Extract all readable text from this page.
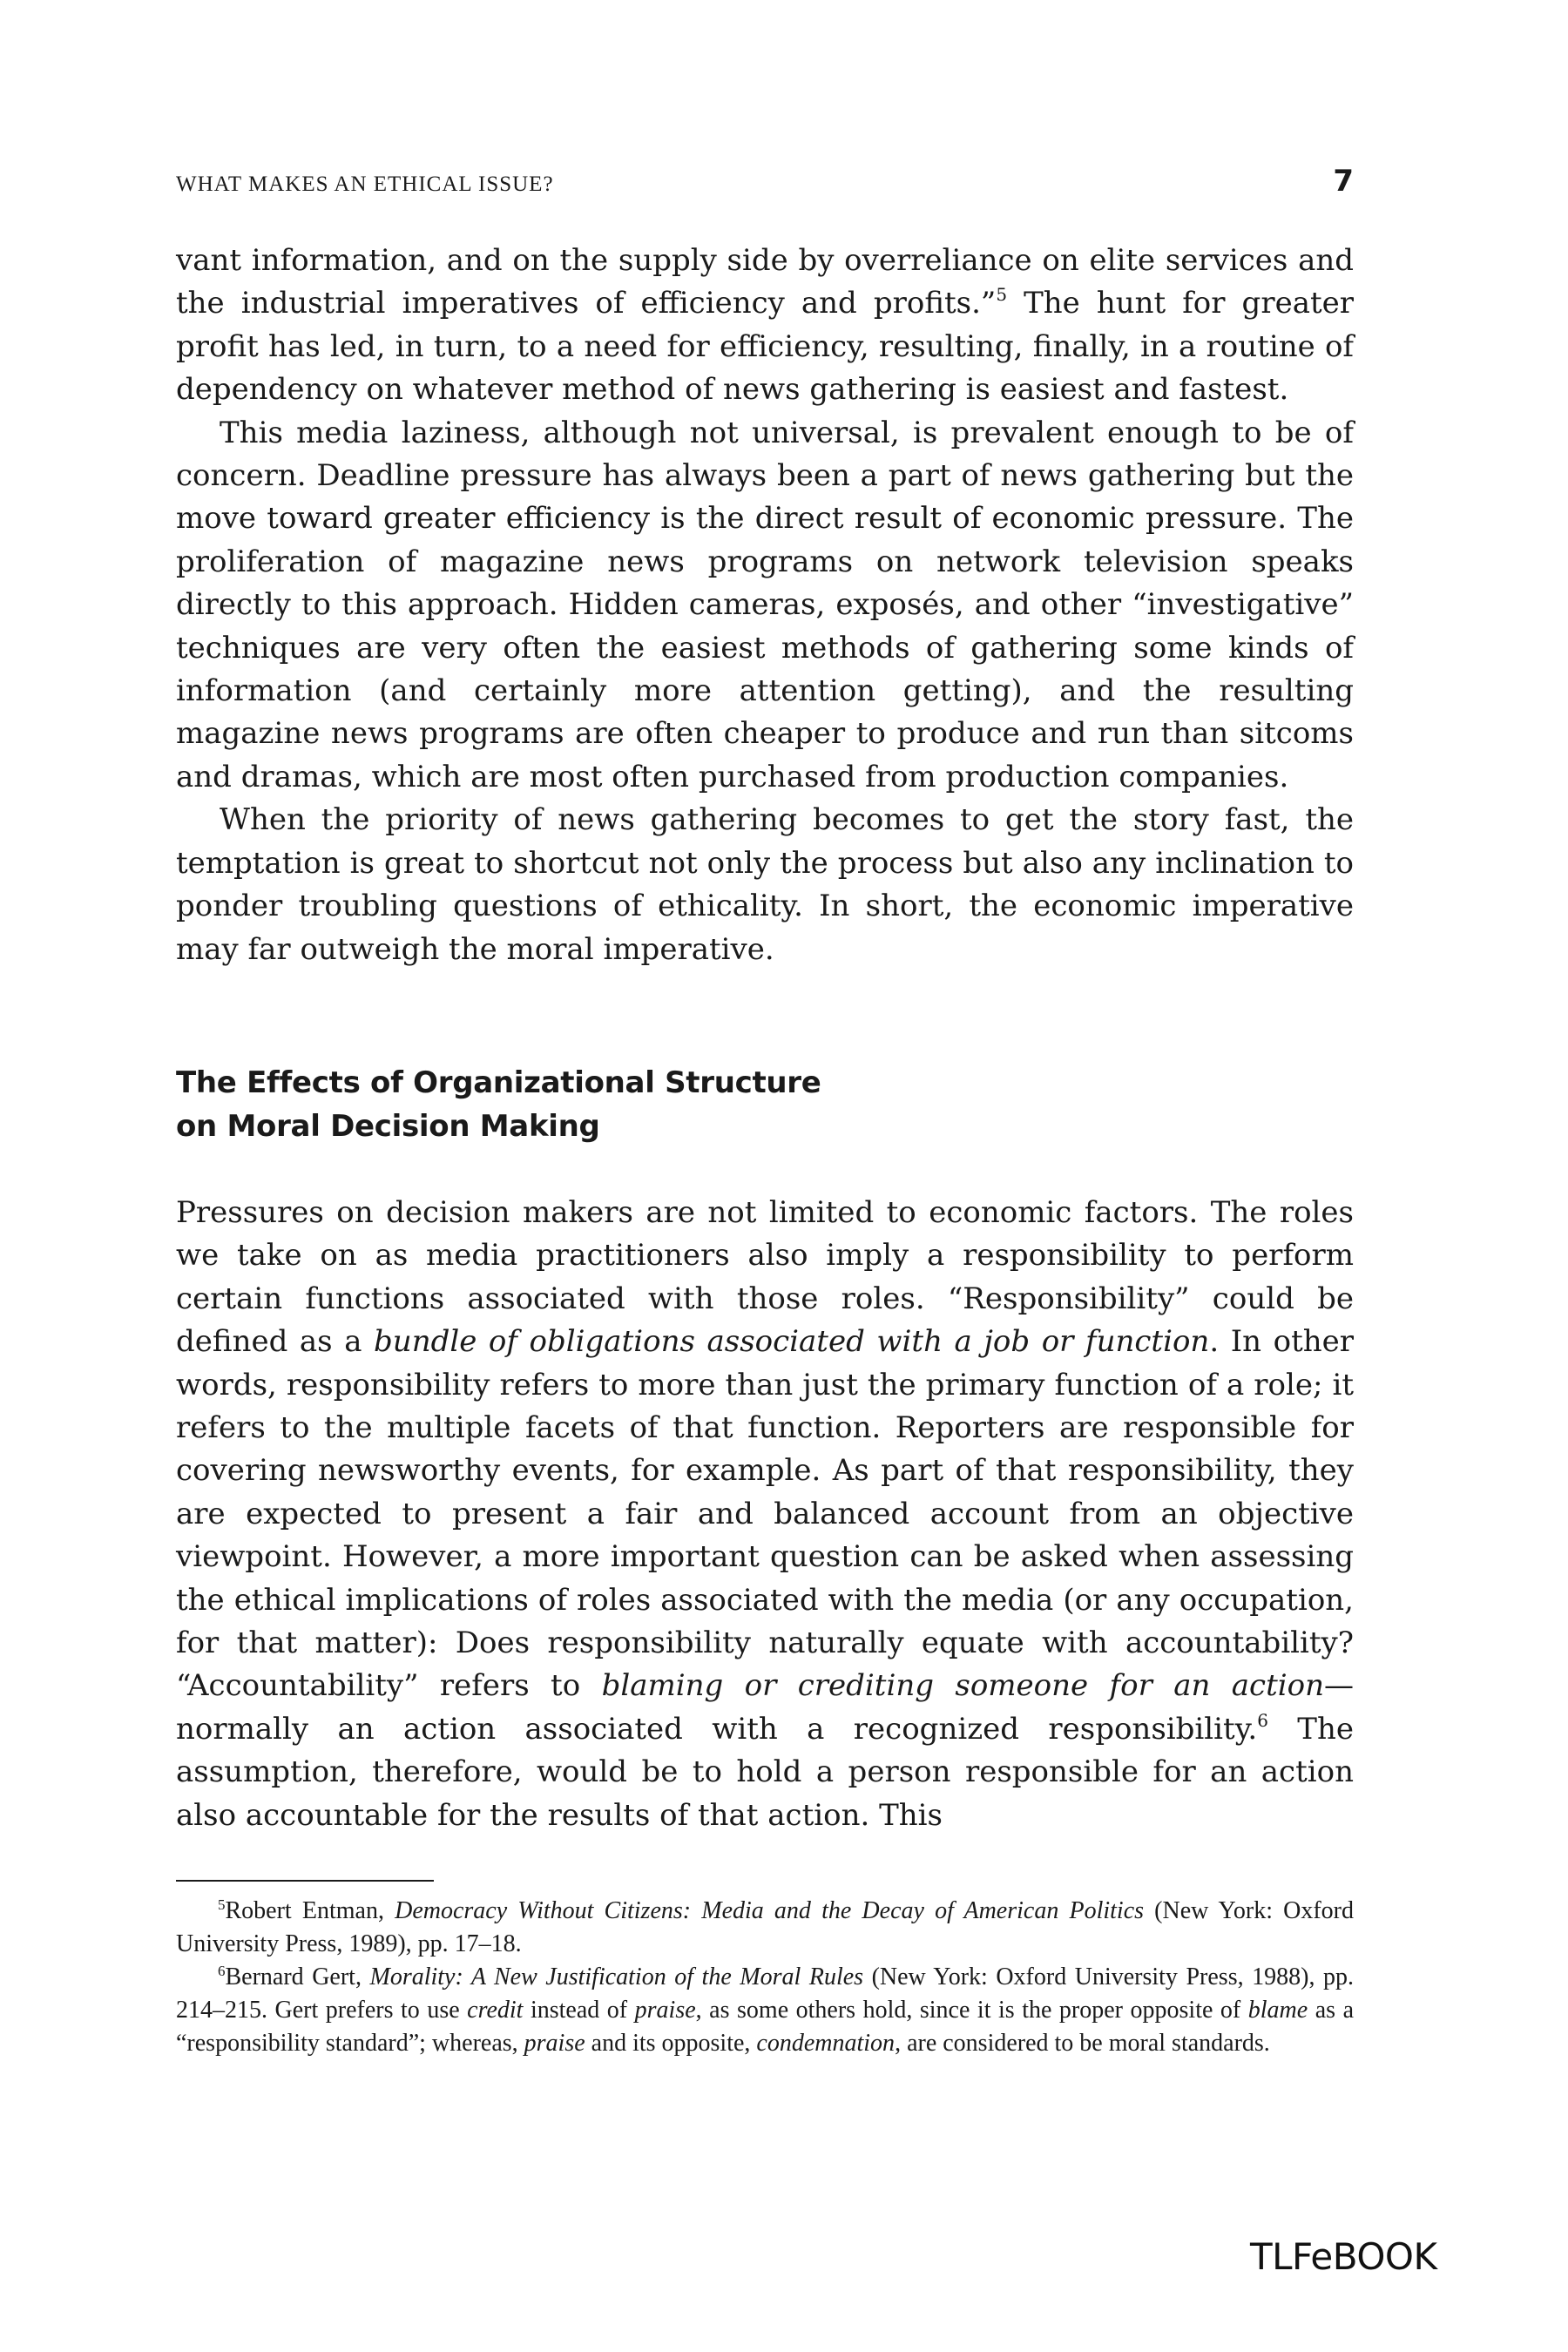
WHAT MAKES AN ETHICAL ISSUE?	7

vant information, and on the supply side by overreliance on elite services and the industrial imperatives of efficiency and profits.”$^5$ The hunt for greater profit has led, in turn, to a need for efficiency, resulting, finally, in a routine of dependency on whatever method of news gathering is easiest and fastest.

This media laziness, although not universal, is prevalent enough to be of concern. Deadline pressure has always been a part of news gathering but the move toward greater efficiency is the direct result of economic pressure. The proliferation of magazine news programs on network television speaks directly to this approach. Hidden cameras, exposés, and other “investigative” techniques are very often the easiest methods of gathering some kinds of information (and certainly more attention getting), and the resulting magazine news programs are often cheaper to produce and run than sitcoms and dramas, which are most often purchased from production companies.

When the priority of news gathering becomes to get the story fast, the temptation is great to shortcut not only the process but also any inclination to ponder troubling questions of ethicality. In short, the economic imperative may far outweigh the moral imperative.

The Effects of Organizational Structure
on Moral Decision Making

Pressures on decision makers are not limited to economic factors. The roles we take on as media practitioners also imply a responsibility to perform certain functions associated with those roles. “Responsibility” could be defined as a bundle of obligations associated with a job or function. In other words, responsibility refers to more than just the primary function of a role; it refers to the multiple facets of that function. Reporters are responsible for covering newsworthy events, for example. As part of that responsibility, they are expected to present a fair and balanced account from an objective viewpoint. However, a more important question can be asked when assessing the ethical implications of roles associated with the media (or any occupation, for that matter): Does responsibility naturally equate with accountability? “Accountability” refers to blaming or crediting someone for an action—normally an action associated with a recognized responsibility.$^6$ The assumption, therefore, would be to hold a person responsible for an action also accountable for the results of that action. This

$^5$Robert Entman, Democracy Without Citizens: Media and the Decay of American Politics (New York: Oxford University Press, 1989), pp. 17–18.

$^6$Bernard Gert, Morality: A New Justification of the Moral Rules (New York: Oxford University Press, 1988), pp. 214–215. Gert prefers to use credit instead of praise, as some others hold, since it is the proper opposite of blame as a “responsibility standard”; whereas, praise and its opposite, condemnation, are considered to be moral standards.

TLFeBOOK
